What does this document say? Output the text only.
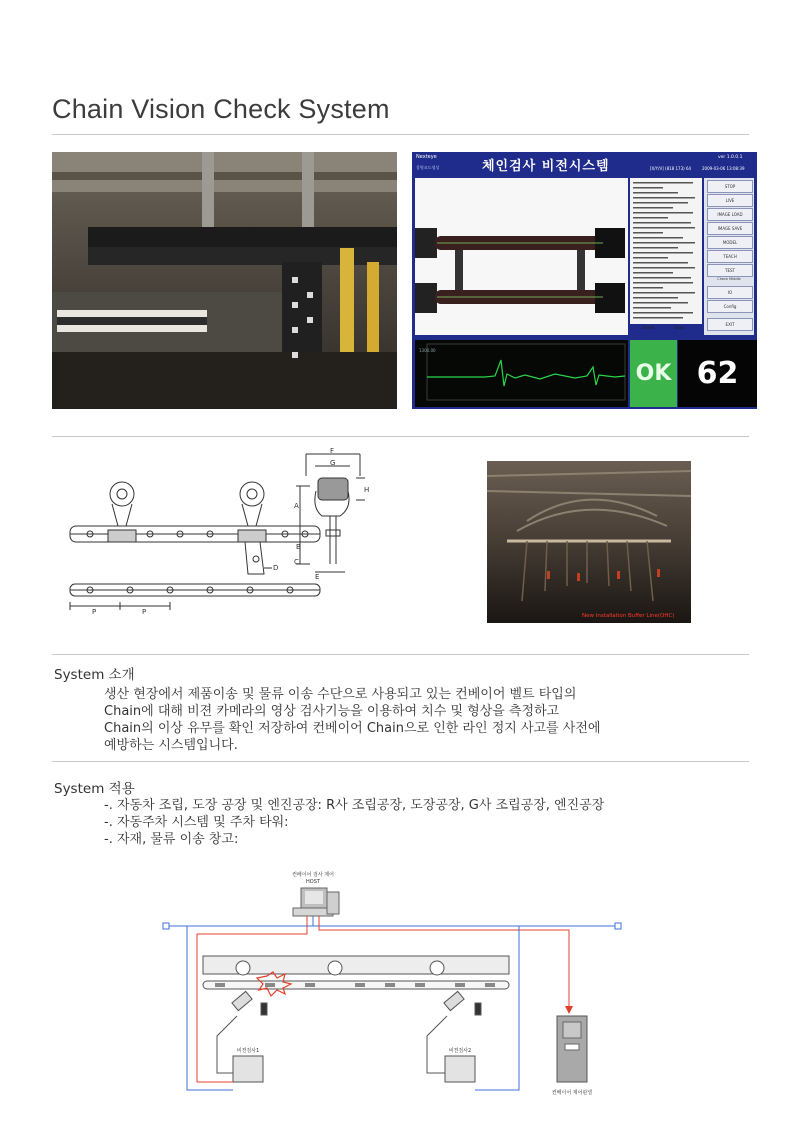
Chain Vision Check System
Nexteye
창원코드생성	체인검사 비전시스템	[X/Y/V] (818 173) 64
ver 1.0.0.1
2009-03-06 13:08:39
Reset	Save
STOP
LIVE
IMAGE LOAD
IMAGE SAVE
MODEL
TEACH
TEST
Check Middle
IO
Config
EXIT
1300.00
OK 62
F
G
H
A
B
C
E
D
P	P	New Installation Buffer Line(OHC)
System 소개
생산 현장에서 제품이송 및 물류 이송 수단으로 사용되고 있는 컨베이어 벨트 타입의
Chain에 대해 비젼 카메라의 영상 검사기능을 이용하여 치수 및 형상을 측정하고
Chain의 이상 유무를 확인 저장하여 컨베이어 Chain으로 인한 라인 정지 사고를 사전에
예방하는 시스템입니다.
System 적용
-. 자동차 조립, 도장 공장 및 엔진공장: R사 조립공장, 도장공장, G사 조립공장, 엔진공장
-. 자동주차 시스템 및 주차 타워:
-. 자재, 물류 이송 창고:
컨베이어 검사 제어
HOST
비젼검사1	비젼검사2
컨베이어 제어판넬
